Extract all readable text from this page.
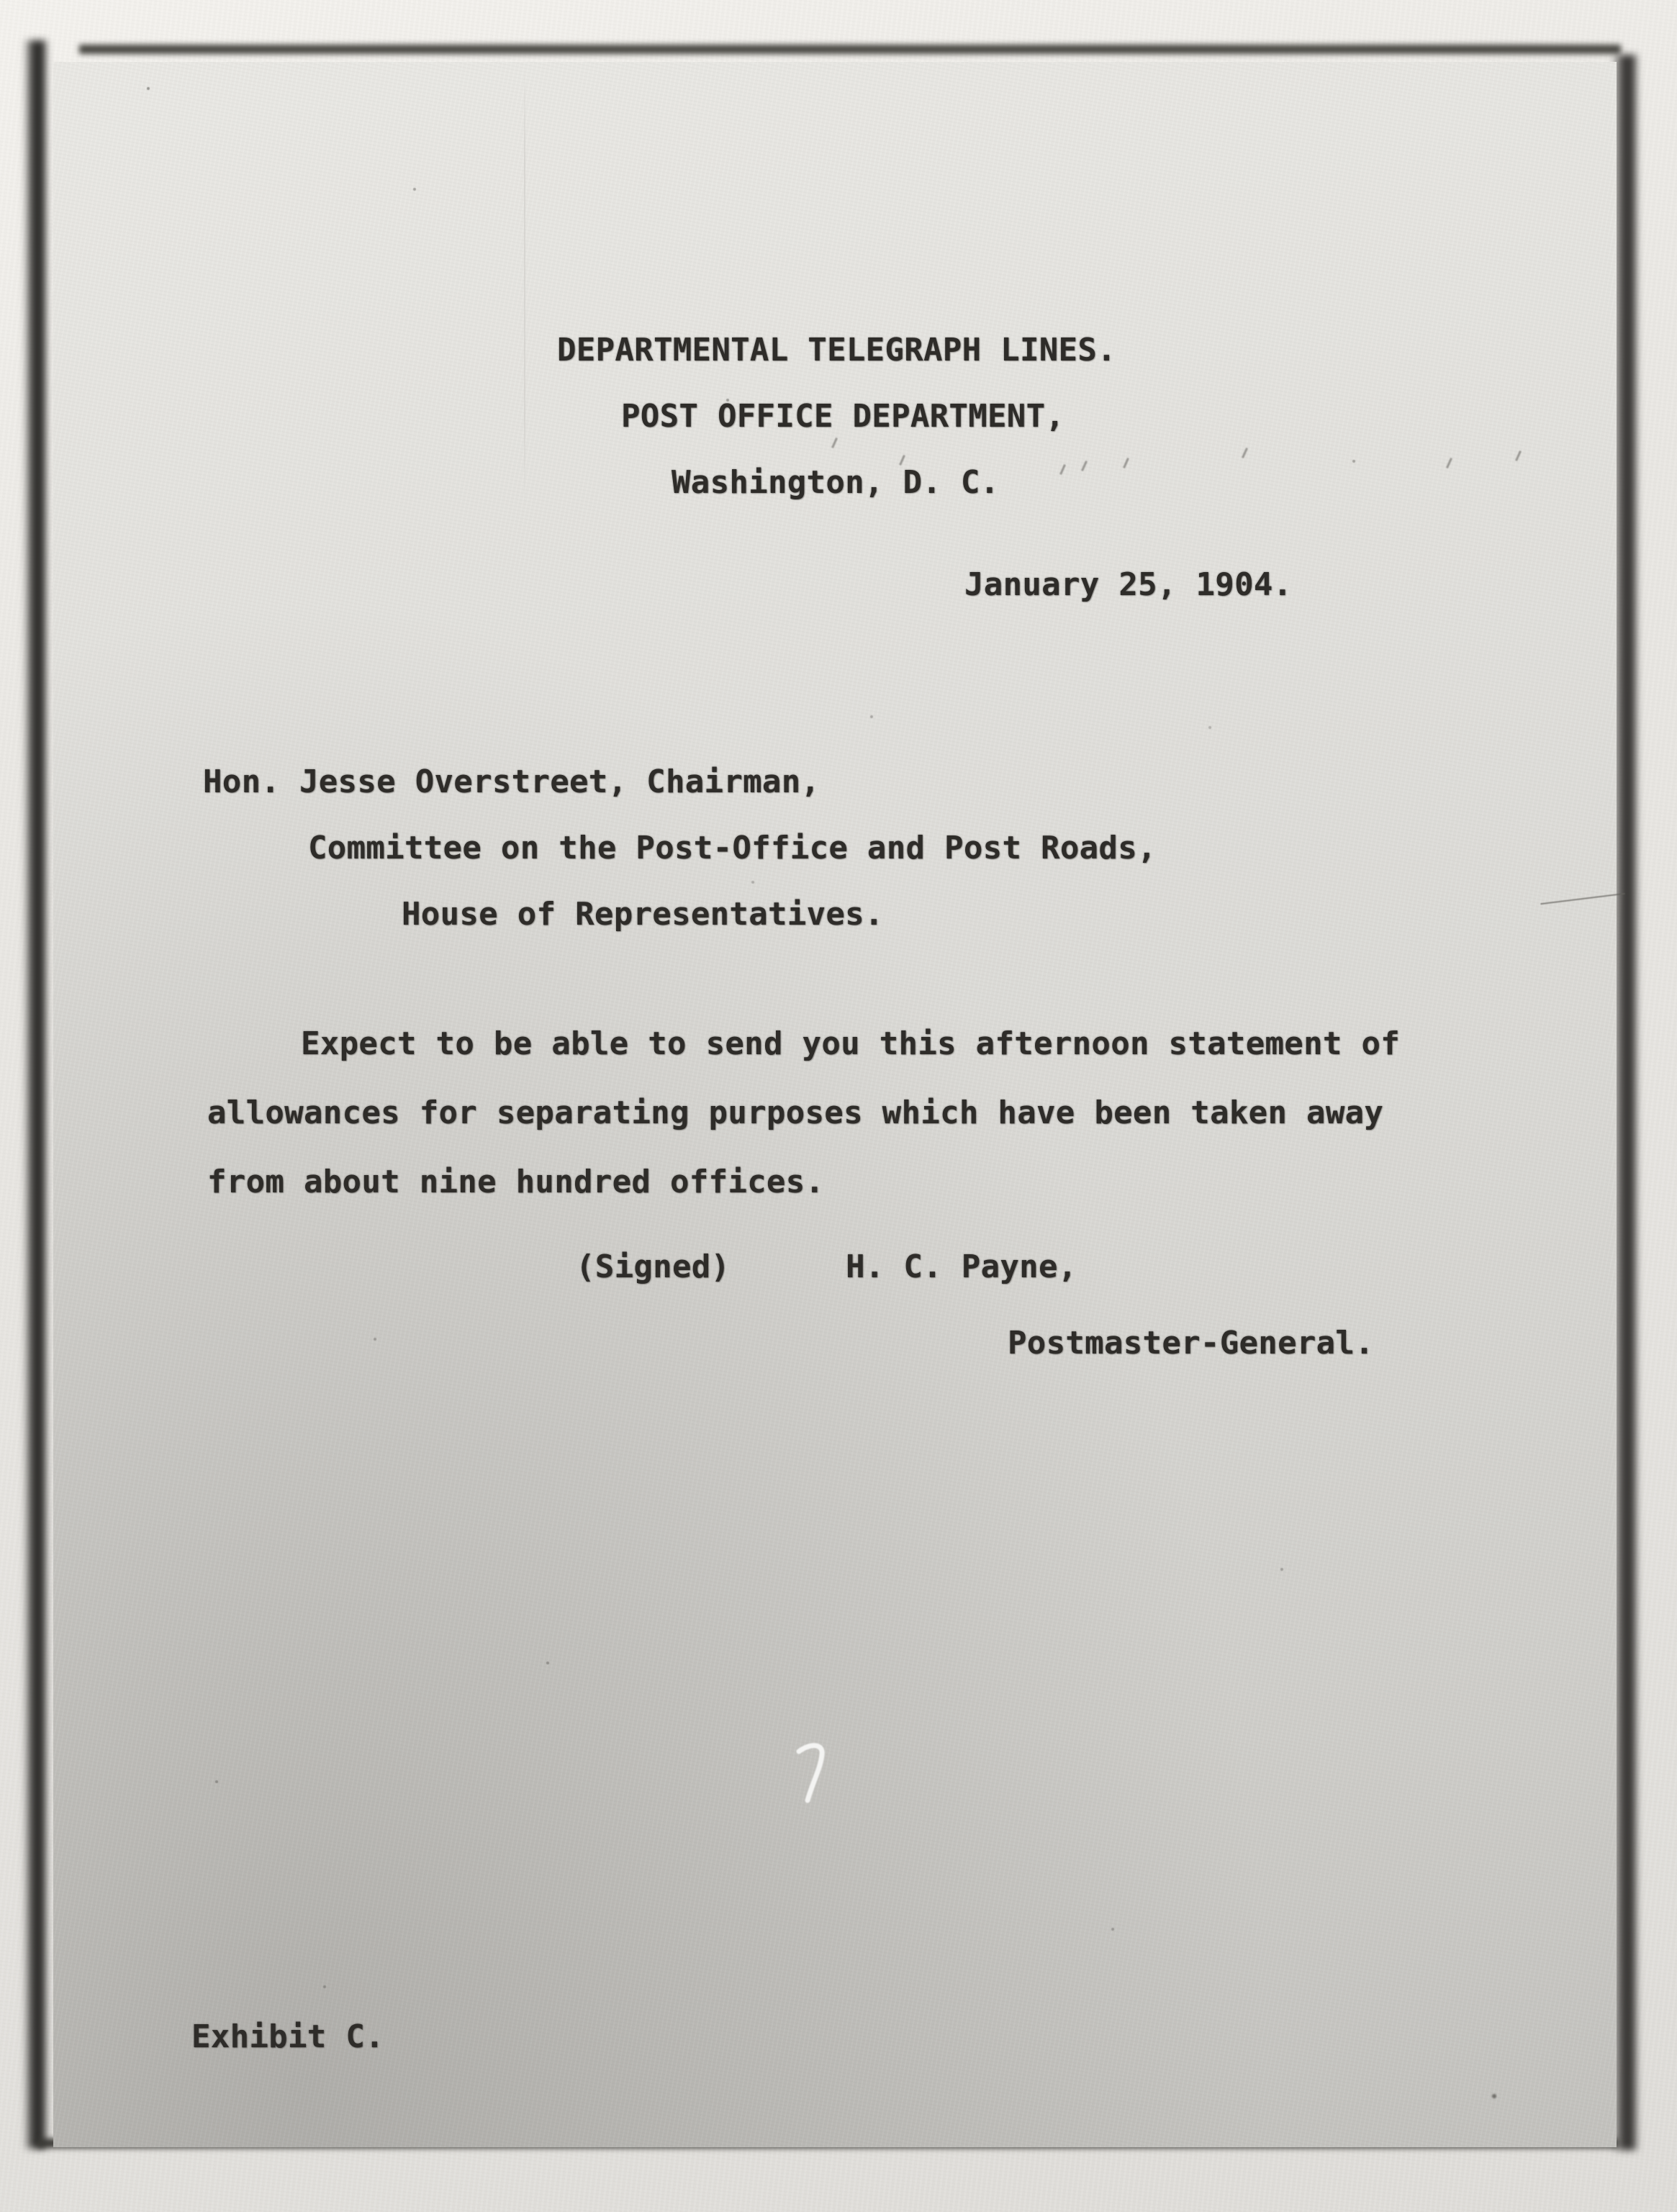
DEPARTMENTAL TELEGRAPH LINES.
POST OFFICE DEPARTMENT,
Washington, D. C.
January 25, 1904.
Hon. Jesse Overstreet, Chairman,
Committee on the Post-Office and Post Roads,
House of Representatives.
Expect to be able to send you this afternoon statement of
allowances for separating purposes which have been taken away
from about nine hundred offices.
(Signed)      H. C. Payne,
Postmaster-General.
Exhibit C.
